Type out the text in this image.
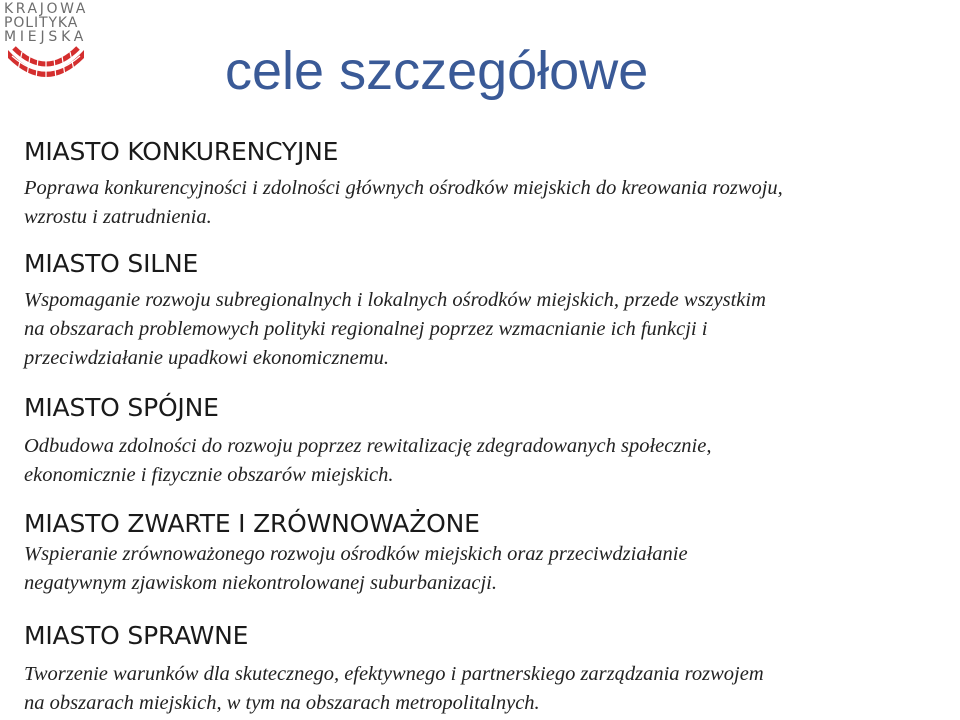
KRAJOWA
POLITYKA
MIEJSKA
cele szczegółowe
MIASTO KONKURENCYJNE

Poprawa konkurencyjności i zdolności głównych ośrodków miejskich do kreowania rozwoju,
wzrostu i zatrudnienia.

MIASTO SILNE

Wspomaganie rozwoju subregionalnych i lokalnych ośrodków miejskich, przede wszystkim
na obszarach problemowych polityki regionalnej poprzez wzmacnianie ich funkcji i
przeciwdziałanie upadkowi ekonomicznemu.

MIASTO SPÓJNE

Odbudowa zdolności do rozwoju poprzez rewitalizację zdegradowanych społecznie,
ekonomicznie i fizycznie obszarów miejskich.

MIASTO ZWARTE I ZRÓWNOWAŻONE

Wspieranie zrównoważonego rozwoju ośrodków miejskich oraz przeciwdziałanie
negatywnym zjawiskom niekontrolowanej suburbanizacji.

MIASTO SPRAWNE

Tworzenie warunków dla skutecznego, efektywnego i partnerskiego zarządzania rozwojem
na obszarach miejskich, w tym na obszarach metropolitalnych.
